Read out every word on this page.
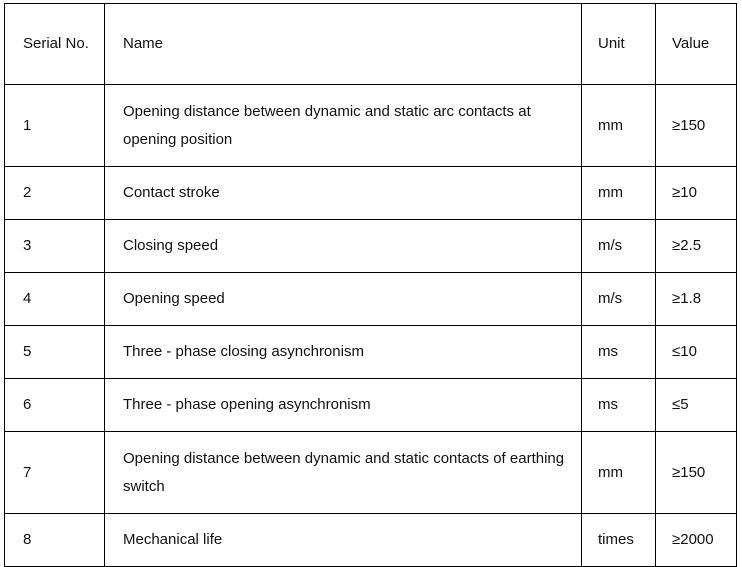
Serial No.	Name	Unit	Value
1	Opening distance between dynamic and static arc contacts at opening position	mm	≥150
2	Contact stroke	mm	≥10
3	Closing speed	m/s	≥2.5
4	Opening speed	m/s	≥1.8
5	Three - phase closing asynchronism	ms	≤10
6	Three - phase opening asynchronism	ms	≤5
7	Opening distance between dynamic and static contacts of earthing switch	mm	≥150
8	Mechanical life	times	≥2000
